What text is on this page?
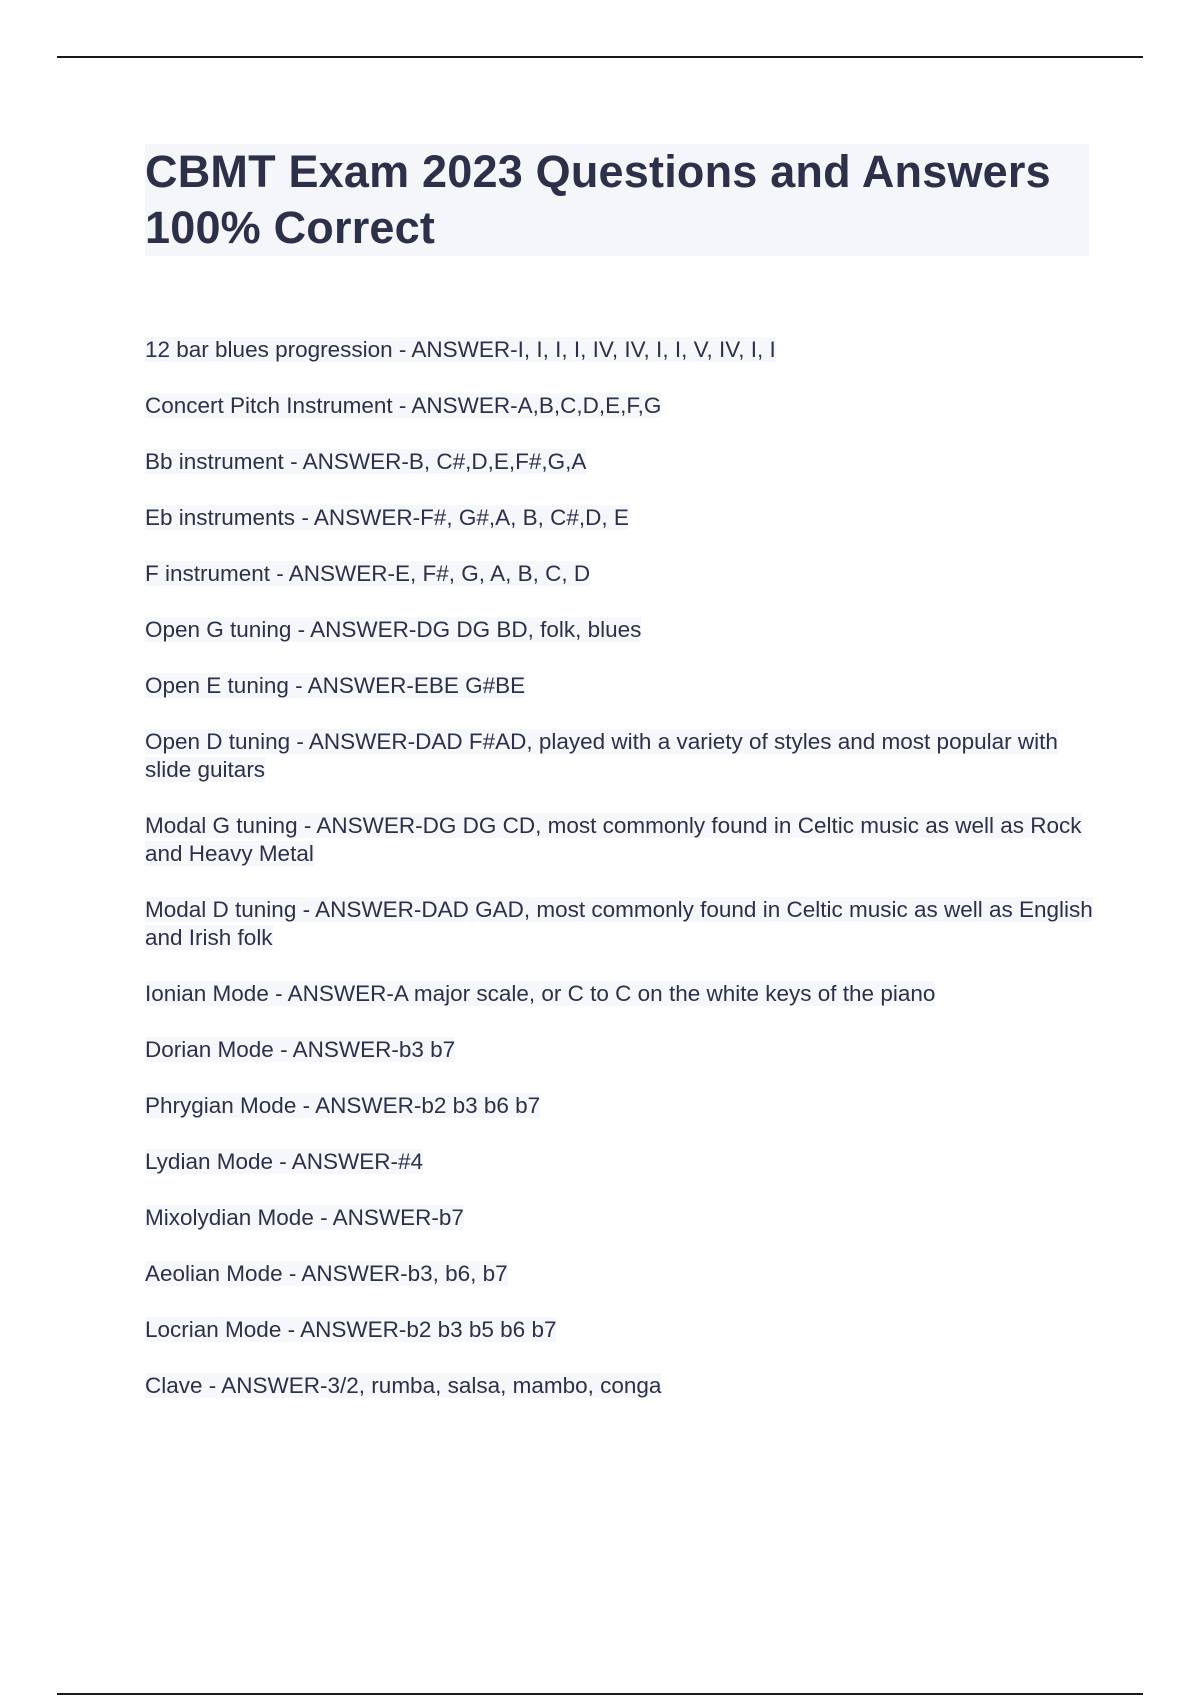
CBMT Exam 2023 Questions and Answers 100% Correct
12 bar blues progression - ANSWER-I, I, I, I, IV, IV, I, I, V, IV, I, I
Concert Pitch Instrument - ANSWER-A,B,C,D,E,F,G
Bb instrument - ANSWER-B, C#,D,E,F#,G,A
Eb instruments - ANSWER-F#, G#,A, B, C#,D, E
F instrument - ANSWER-E, F#, G, A, B, C, D
Open G tuning - ANSWER-DG DG BD, folk, blues
Open E tuning - ANSWER-EBE G#BE
Open D tuning - ANSWER-DAD F#AD, played with a variety of styles and most popular with slide guitars
Modal G tuning - ANSWER-DG DG CD, most commonly found in Celtic music as well as Rock and Heavy Metal
Modal D tuning - ANSWER-DAD GAD, most commonly found in Celtic music as well as English and Irish folk
Ionian Mode - ANSWER-A major scale, or C to C on the white keys of the piano
Dorian Mode - ANSWER-b3 b7
Phrygian Mode - ANSWER-b2 b3 b6 b7
Lydian Mode - ANSWER-#4
Mixolydian Mode - ANSWER-b7
Aeolian Mode - ANSWER-b3, b6, b7
Locrian Mode - ANSWER-b2 b3 b5 b6 b7
Clave - ANSWER-3/2, rumba, salsa, mambo, conga
